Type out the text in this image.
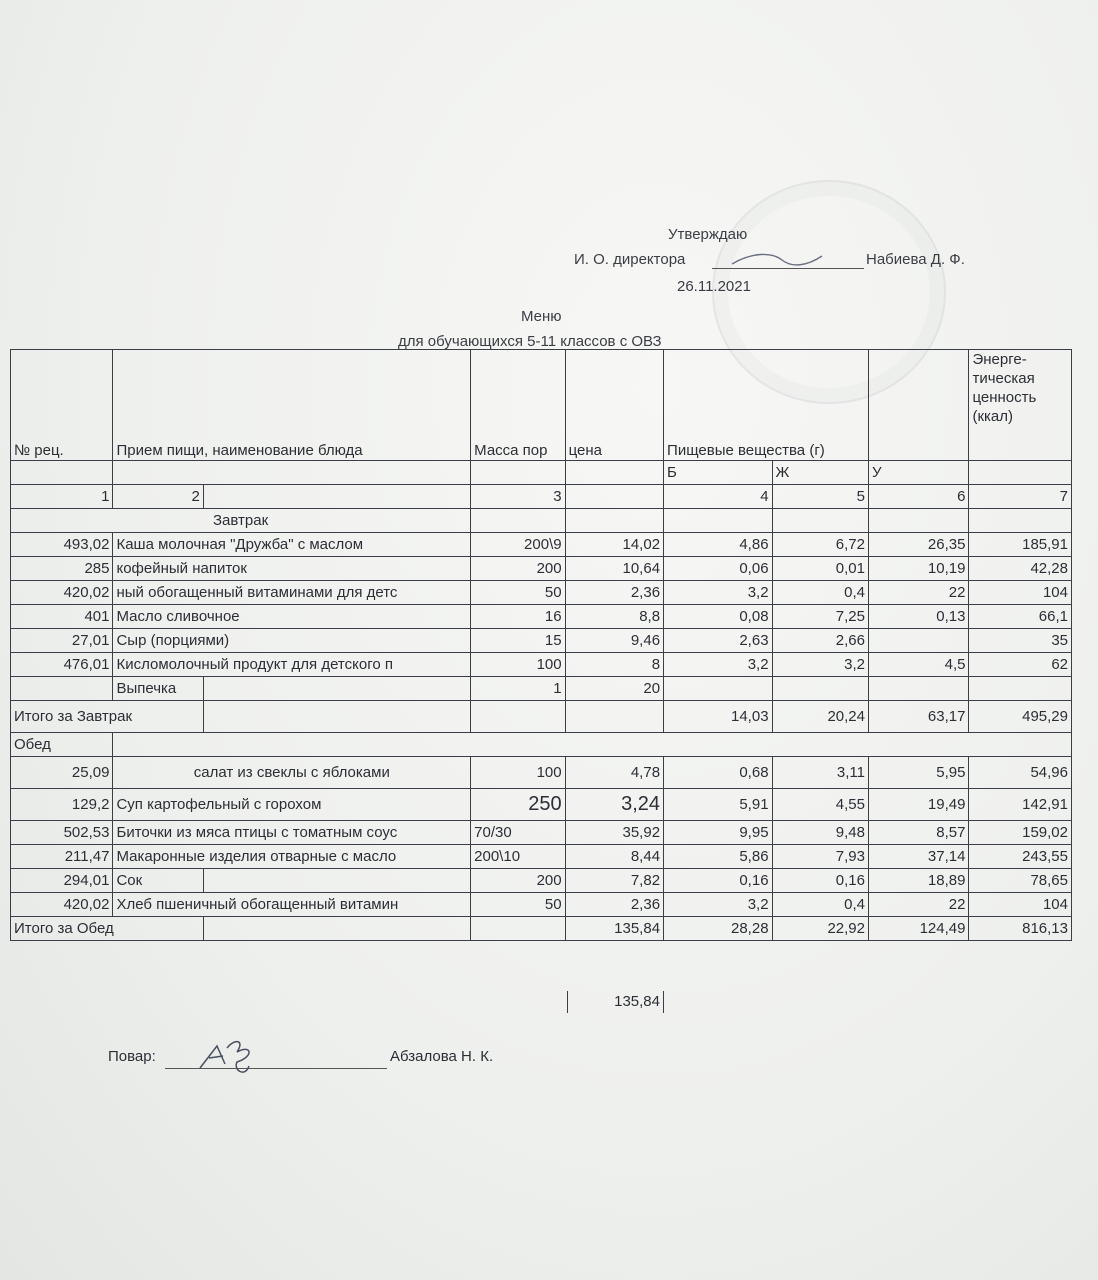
Утверждаю
И. О. директора	Набиева Д. Ф.
26.11.2021
Меню
для обучающихся 5-11 классов с ОВЗ
№ рец.	Прием пищи, наименование блюда		Масса пор	цена	Пищевые вещества (г)			Энерге-тическая ценность (ккал)
					Б	Ж	У	
1	2		3		4	5	6	7
Завтрак								
493,02	Каша молочная "Дружба" с маслом		200\9	14,02	4,86	6,72	26,35	185,91
285	кофейный напиток		200	10,64	0,06	0,01	10,19	42,28
420,02	ный обогащенный витаминами для детс		50	2,36	3,2	0,4	22	104
401	Масло сливочное		16	8,8	0,08	7,25	0,13	66,1
27,01	Сыр (порциями)		15	9,46	2,63	2,66		35
476,01	Кисломолочный продукт для детского п		100	8	3,2	3,2	4,5	62
	Выпечка		1	20				
Итого за Завтрак					14,03	20,24	63,17	495,29
Обед								
25,09	салат из свеклы с яблоками		100	4,78	0,68	3,11	5,95	54,96
129,2	Суп картофельный с горохом		250	3,24	5,91	4,55	19,49	142,91
502,53	Биточки из мяса птицы с томатным соус		70/30	35,92	9,95	9,48	8,57	159,02
211,47	Макаронные изделия отварные с масло		200\10	8,44	5,86	7,93	37,14	243,55
294,01	Сок		200	7,82	0,16	0,16	18,89	78,65
420,02	Хлеб пшеничный обогащенный витамин		50	2,36	3,2	0,4	22	104
Итого за Обед				135,84	28,28	22,92	124,49	816,13
135,84
Повар:	Абзалова Н. К.
